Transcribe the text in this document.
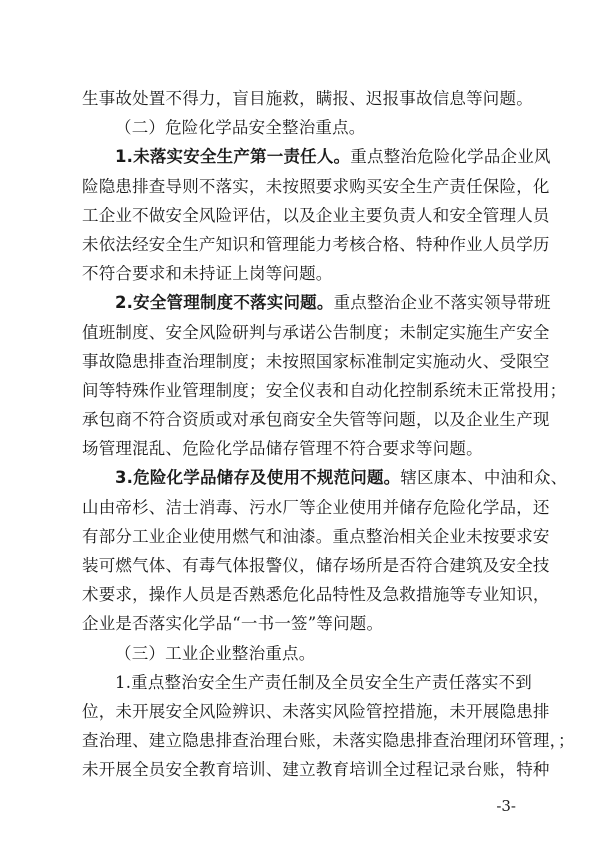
生事故处置不得力，盲目施救，瞒报、迟报事故信息等问题。
（二）危险化学品安全整治重点。
1.未落实安全生产第一责任人。重点整治危险化学品企业风
险隐患排查导则不落实，未按照要求购买安全生产责任保险，化
工企业不做安全风险评估，以及企业主要负责人和安全管理人员
未依法经安全生产知识和管理能力考核合格、特种作业人员学历
不符合要求和未持证上岗等问题。
2.安全管理制度不落实问题。重点整治企业不落实领导带班
值班制度、安全风险研判与承诺公告制度；未制定实施生产安全
事故隐患排查治理制度；未按照国家标准制定实施动火、受限空
间等特殊作业管理制度；安全仪表和自动化控制系统未正常投用；
承包商不符合资质或对承包商安全失管等问题，以及企业生产现
场管理混乱、危险化学品储存管理不符合要求等问题。
3.危险化学品储存及使用不规范问题。辖区康本、中油和众、
山由帝杉、洁士消毒、污水厂等企业使用并储存危险化学品，还
有部分工业企业使用燃气和油漆。重点整治相关企业未按要求安
装可燃气体、有毒气体报警仪，储存场所是否符合建筑及安全技
术要求，操作人员是否熟悉危化品特性及急救措施等专业知识，
企业是否落实化学品“一书一签”等问题。
（三）工业企业整治重点。
1.重点整治安全生产责任制及全员安全生产责任落实不到
位，未开展安全风险辨识、未落实风险管控措施，未开展隐患排
查治理、建立隐患排查治理台账，未落实隐患排查治理闭环管理，；
未开展全员安全教育培训、建立教育培训全过程记录台账，特种
-3-
